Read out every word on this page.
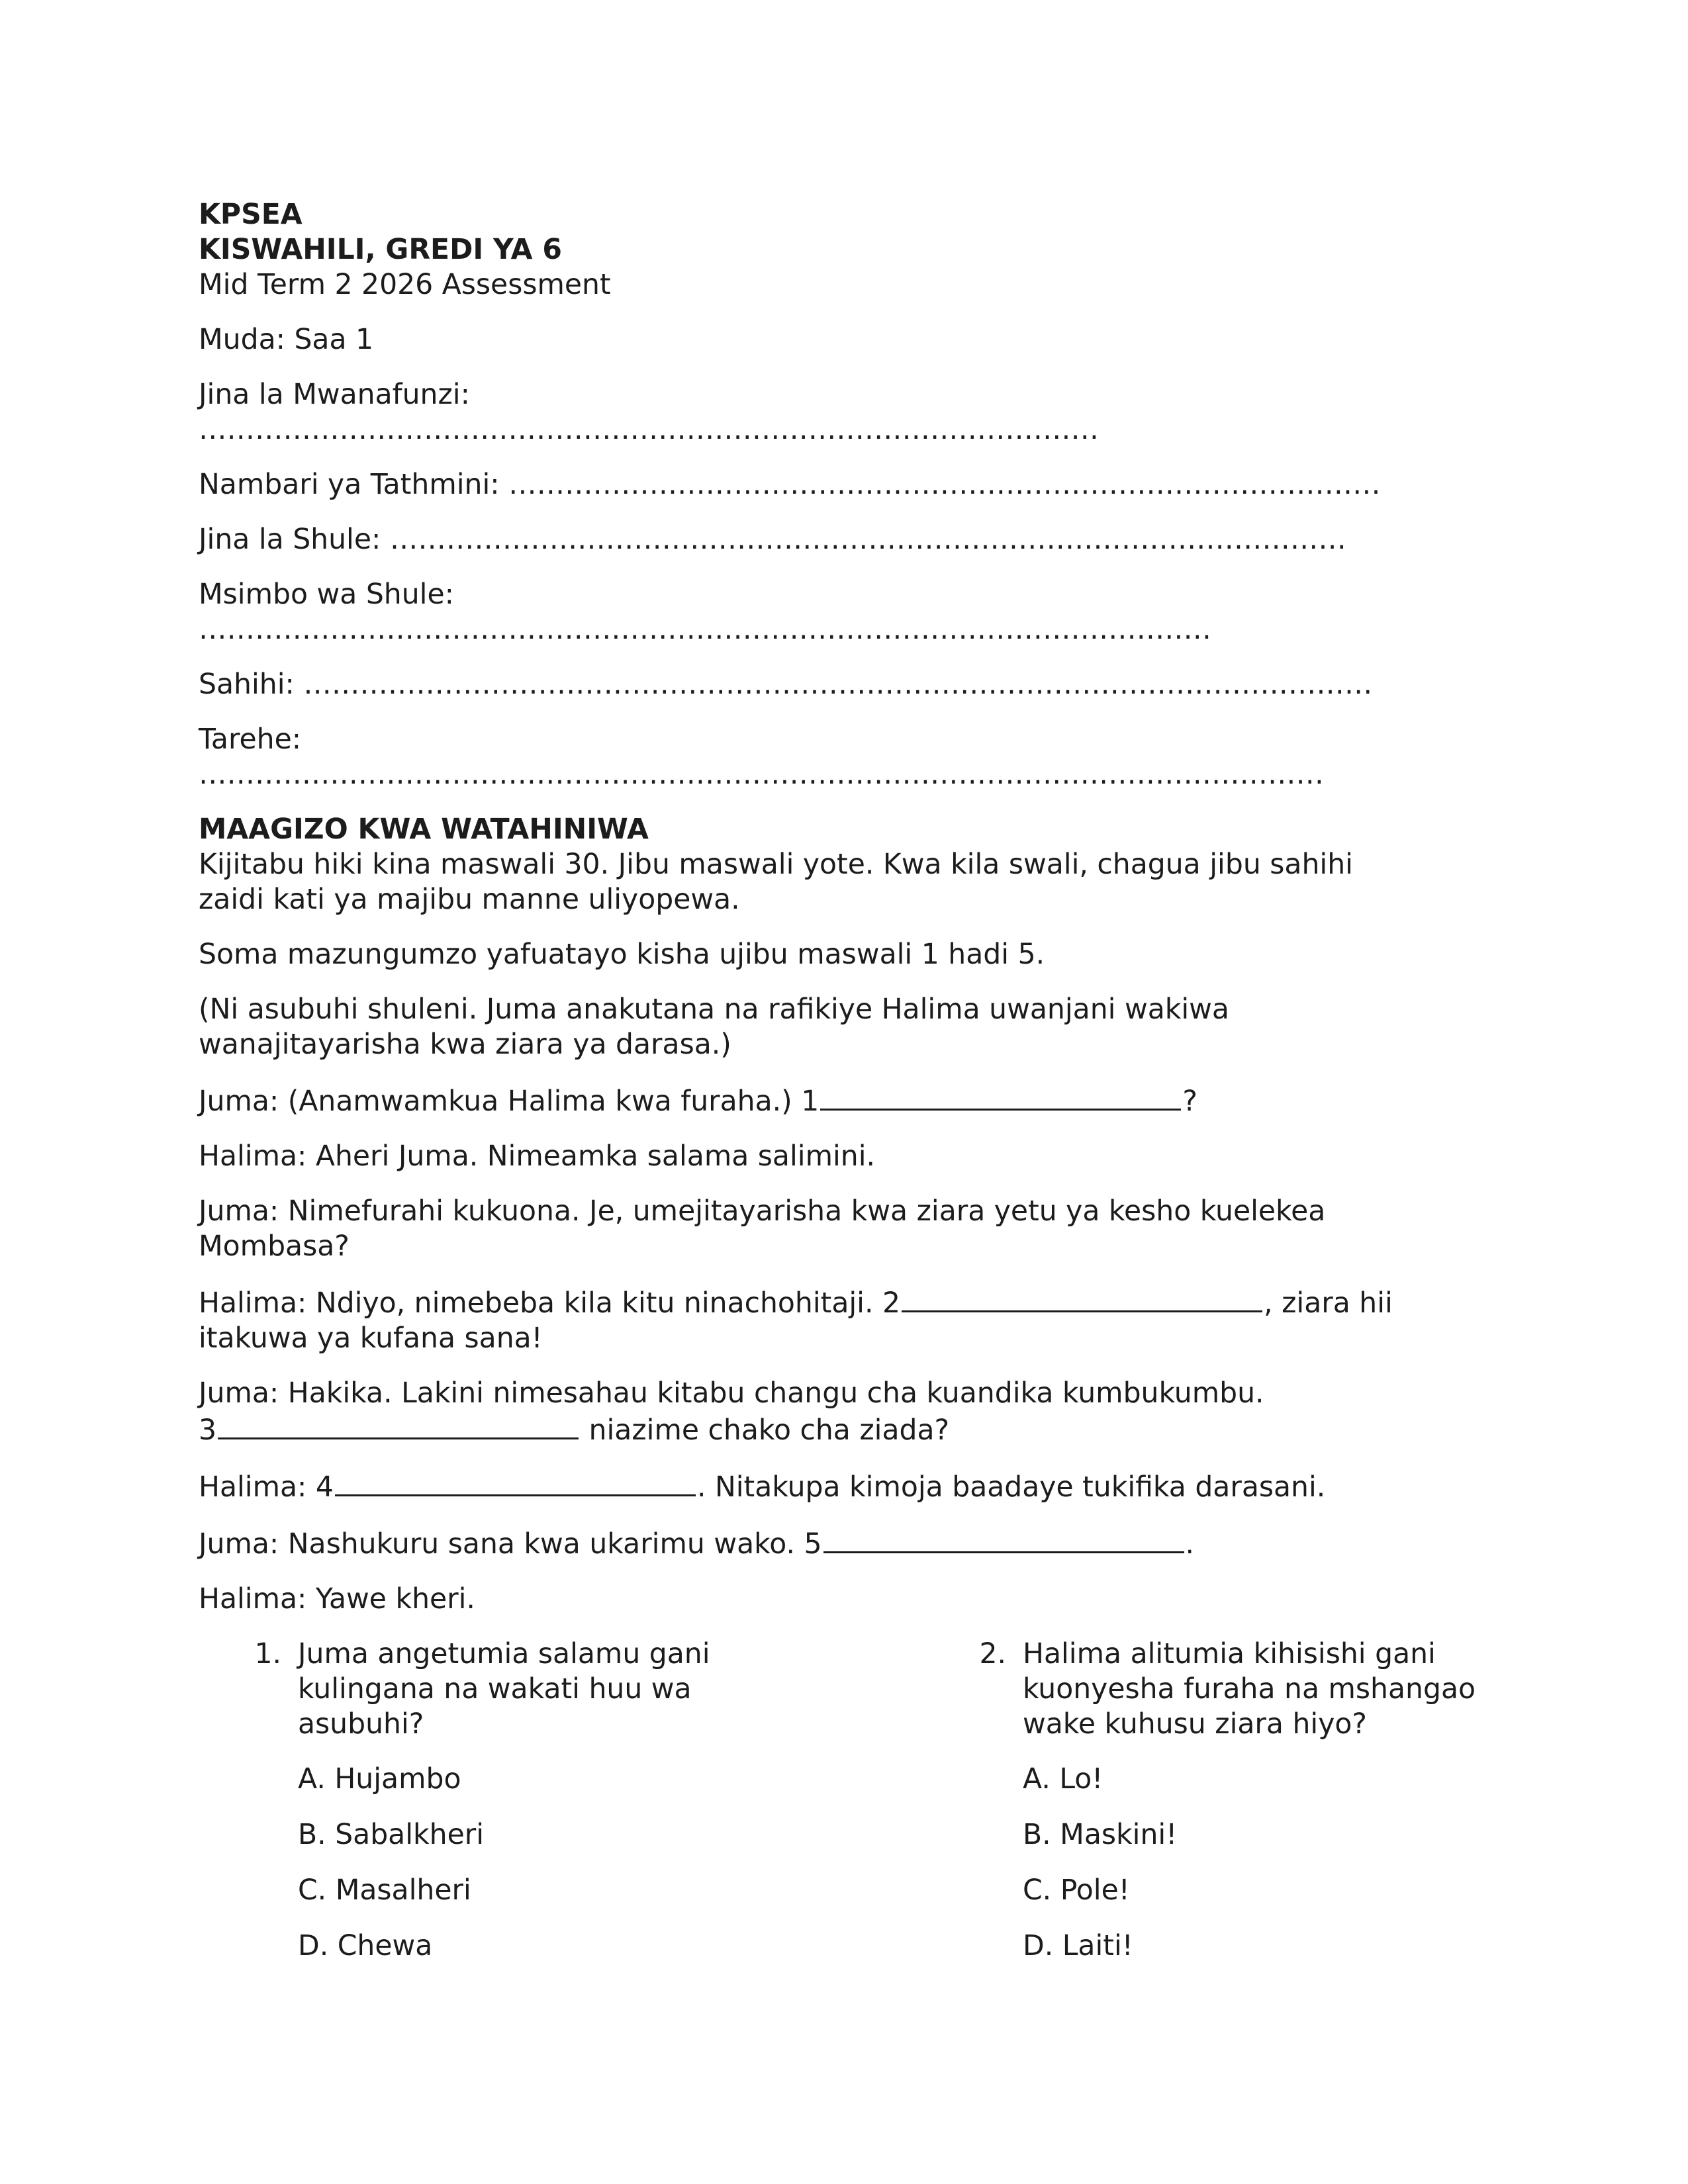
KPSEA

KISWAHILI, GREDI YA 6

Mid Term 2 2026 Assessment

Muda: Saa 1

Jina la Mwanafunzi:
……………………………………………………………………………………

Nambari ya Tathmini: …………………………………………………………………………………

Jina la Shule: …………………………………………………………………………………………

Msimbo wa Shule:
………………………………………………………………………………………………

Sahihi: ……………………………………………………………………………………………………

Tarehe:
…………………………………………………………………………………………………………

MAAGIZO KWA WATAHINIWA

Kijitabu hiki kina maswali 30. Jibu maswali yote. Kwa kila swali, chagua jibu sahihi

zaidi kati ya majibu manne uliyopewa.

Soma mazungumzo yafuatayo kisha ujibu maswali 1 hadi 5.

(Ni asubuhi shuleni. Juma anakutana na rafikiye Halima uwanjani wakiwa

wanajitayarisha kwa ziara ya darasa.)

Juma: (Anamwamkua Halima kwa furaha.) 1	?

Halima: Aheri Juma. Nimeamka salama salimini.

Juma: Nimefurahi kukuona. Je, umejitayarisha kwa ziara yetu ya kesho kuelekea

Mombasa?

Halima: Ndiyo, nimebeba kila kitu ninachohitaji. 2	, ziara hii

itakuwa ya kufana sana!

Juma: Hakika. Lakini nimesahau kitabu changu cha kuandika kumbukumbu.

3	niazime chako cha ziada?

Halima: 4	. Nitakupa kimoja baadaye tukifika darasani.

Juma: Nashukuru sana kwa ukarimu wako. 5	.

Halima: Yawe kheri.

1. Juma angetumia salamu gani kulingana na wakati huu wa asubuhi?

A. Hujambo

B. Sabalkheri

C. Masalheri

D. Chewa

2. Halima alitumia kihisishi gani kuonyesha furaha na mshangao wake kuhusu ziara hiyo?

A. Lo!

B. Maskini!

C. Pole!

D. Laiti!
